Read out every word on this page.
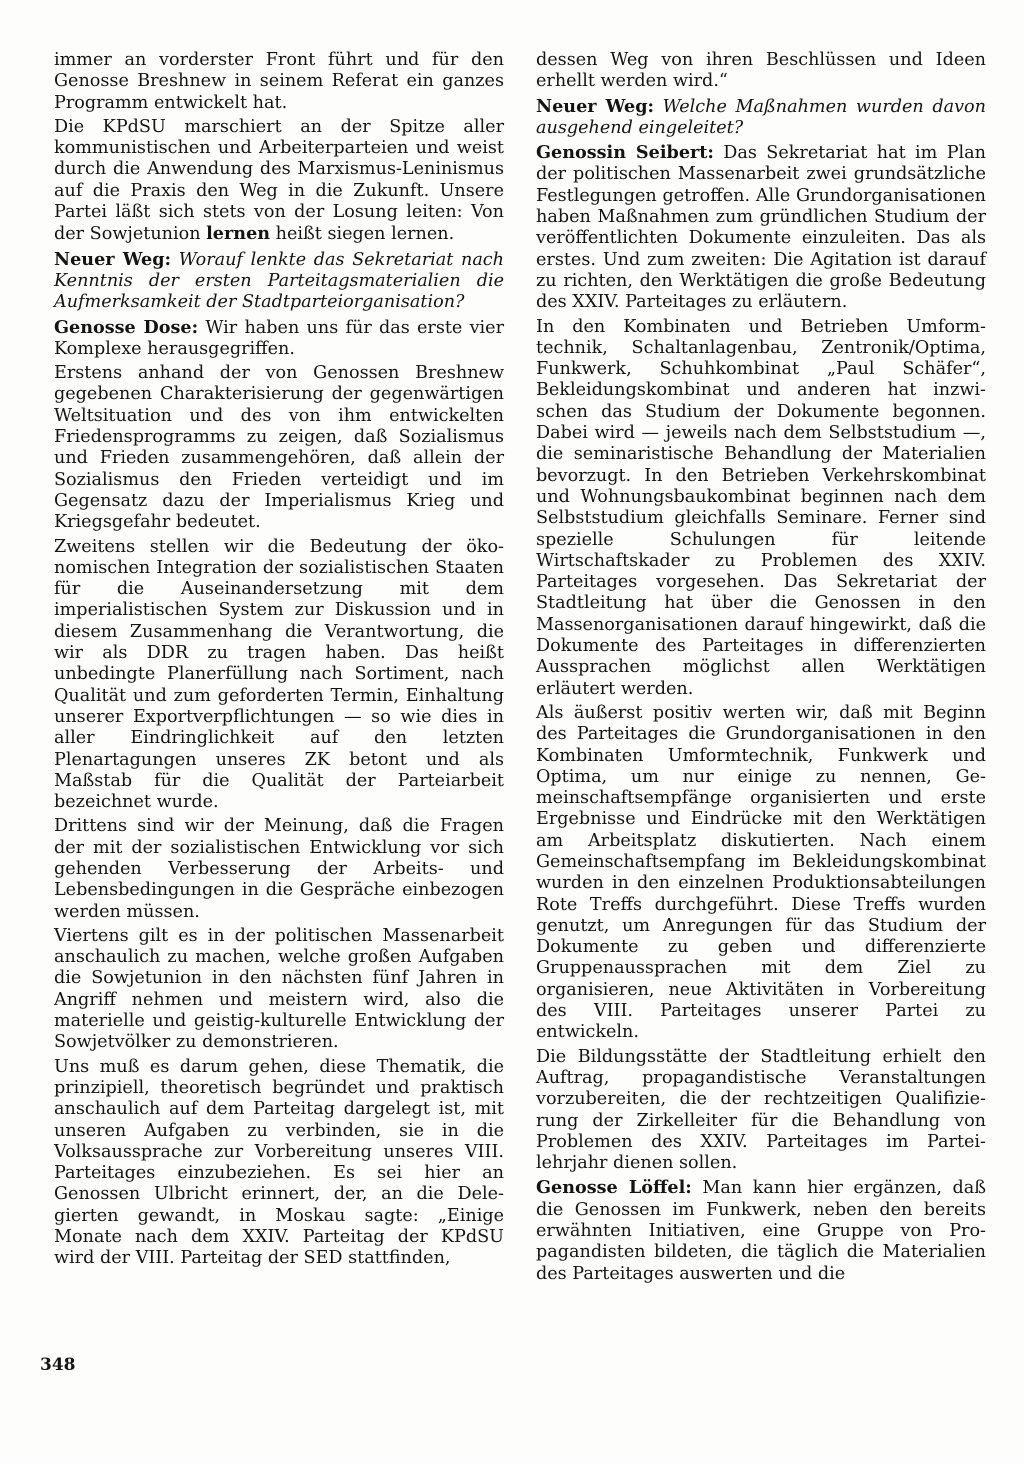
immer an vorderster Front führt und für den Genosse Breshnew in seinem Referat ein ganzes Programm entwickelt hat.

Die KPdSU marschiert an der Spitze aller kommunistischen und Arbeiterparteien und weist durch die Anwendung des Marxismus-Leninismus auf die Praxis den Weg in die Zukunft. Unsere Partei läßt sich stets von der Losung leiten: Von der Sowjetunion lernen heißt siegen lernen.

Neuer Weg: Worauf lenkte das Sekretariat nach Kenntnis der ersten Parteitagsmaterialien die Aufmerksamkeit der Stadtparteiorganisation?

Genosse Dose: Wir haben uns für das erste vier Komplexe herausgegriffen.

Erstens anhand der von Genossen Breshnew gegebenen Charakterisierung der gegenwärtigen Weltsituation und des von ihm entwickelten Friedensprogramms zu zeigen, daß Sozialismus und Frieden zusammengehören, daß allein der Sozialismus den Frieden verteidigt und im Gegensatz dazu der Imperialismus Krieg und Kriegsgefahr bedeutet.

Zweitens stellen wir die Bedeutung der ökonomischen Integration der sozialistischen Staaten für die Auseinandersetzung mit dem imperialistischen System zur Diskussion und in diesem Zusammenhang die Verantwortung, die wir als DDR zu tragen haben. Das heißt unbedingte Planerfüllung nach Sortiment, nach Qualität und zum geforderten Termin, Einhaltung unserer Exportverpflichtungen — so wie dies in aller Eindringlichkeit auf den letzten Plenartagungen unseres ZK betont und als Maßstab für die Qualität der Parteiarbeit bezeichnet wurde.

Drittens sind wir der Meinung, daß die Fragen der mit der sozialistischen Entwicklung vor sich gehenden Verbesserung der Arbeits- und Lebensbedingungen in die Gespräche einbezogen werden müssen.

Viertens gilt es in der politischen Massenarbeit anschaulich zu machen, welche großen Aufgaben die Sowjetunion in den nächsten fünf Jahren in Angriff nehmen und meistern wird, also die materielle und geistig-kulturelle Entwicklung der Sowjetvölker zu demonstrieren.

Uns muß es darum gehen, diese Thematik, die prinzipiell, theoretisch begründet und praktisch anschaulich auf dem Parteitag dargelegt ist, mit unseren Aufgaben zu verbinden, sie in die Volksaussprache zur Vorbereitung unseres VIII. Parteitages einzubeziehen. Es sei hier an Genossen Ulbricht erinnert, der, an die Delegierten gewandt, in Moskau sagte: „Einige Monate nach dem XXIV. Parteitag der KPdSU wird der VIII. Parteitag der SED stattfinden,

dessen Weg von ihren Beschlüssen und Ideen erhellt werden wird.“

Neuer Weg: Welche Maßnahmen wurden davon ausgehend eingeleitet?

Genossin Seibert: Das Sekretariat hat im Plan der politischen Massenarbeit zwei grundsätzliche Festlegungen getroffen. Alle Grundorganisationen haben Maßnahmen zum gründlichen Studium der veröffentlichten Dokumente einzuleiten. Das als erstes. Und zum zweiten: Die Agitation ist darauf zu richten, den Werktätigen die große Bedeutung des XXIV. Parteitages zu erläutern.

In den Kombinaten und Betrieben Umformtechnik, Schaltanlagenbau, Zentronik/Optima, Funkwerk, Schuhkombinat „Paul Schäfer“, Bekleidungskombinat und anderen hat inzwischen das Studium der Dokumente begonnen. Dabei wird — jeweils nach dem Selbststudium —, die seminaristische Behandlung der Materialien bevorzugt. In den Betrieben Verkehrskombinat und Wohnungsbaukombinat beginnen nach dem Selbststudium gleichfalls Seminare. Ferner sind spezielle Schulungen für leitende Wirtschaftskader zu Problemen des XXIV. Parteitages vorgesehen. Das Sekretariat der Stadtleitung hat über die Genossen in den Massenorganisationen darauf hingewirkt, daß die Dokumente des Parteitages in differenzierten Aussprachen möglichst allen Werktätigen erläutert werden.

Als äußerst positiv werten wir, daß mit Beginn des Parteitages die Grundorganisationen in den Kombinaten Umformtechnik, Funkwerk und Optima, um nur einige zu nennen, Gemeinschaftsempfänge organisierten und erste Ergebnisse und Eindrücke mit den Werktätigen am Arbeitsplatz diskutierten. Nach einem Gemeinschaftsempfang im Bekleidungskombinat wurden in den einzelnen Produktionsabteilungen Rote Treffs durchgeführt. Diese Treffs wurden genutzt, um Anregungen für das Studium der Dokumente zu geben und differenzierte Gruppenaussprachen mit dem Ziel zu organisieren, neue Aktivitäten in Vorbereitung des VIII. Parteitages unserer Partei zu entwickeln.

Die Bildungsstätte der Stadtleitung erhielt den Auftrag, propagandistische Veranstaltungen vorzubereiten, die der rechtzeitigen Qualifizierung der Zirkelleiter für die Behandlung von Problemen des XXIV. Parteitages im Parteilehrjahr dienen sollen.

Genosse Löffel: Man kann hier ergänzen, daß die Genossen im Funkwerk, neben den bereits erwähnten Initiativen, eine Gruppe von Propagandisten bildeten, die täglich die Materialien des Parteitages auswerten und die

348
